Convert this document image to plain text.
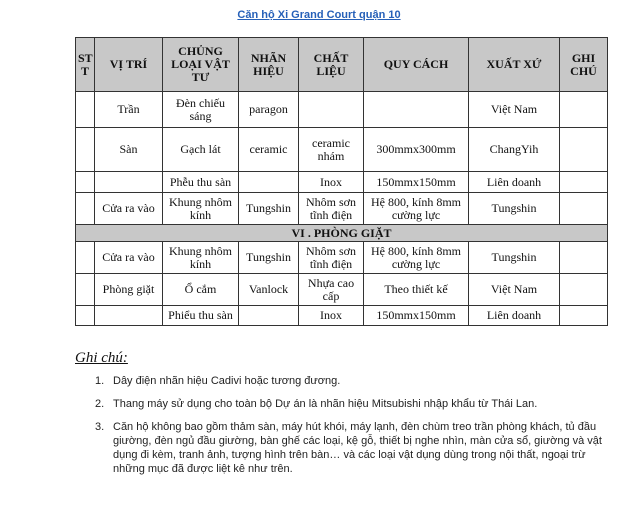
Căn hộ Xi Grand Court quận 10
ST T	VỊ TRÍ	CHỦNG LOẠI VẬT TƯ	NHÃN HIỆU	CHẤT LIỆU	QUY CÁCH	XUẤT XỨ	GHI CHÚ
	Trần	Đèn chiếu sáng	paragon			Việt Nam	
	Sàn	Gạch lát	ceramic	ceramic nhám	300mmx300mm	ChangYih	
		Phễu thu sàn		Inox	150mmx150mm	Liên doanh	
	Cửa ra vào	Khung nhôm kính	Tungshin	Nhôm sơn tĩnh điện	Hệ 800, kính 8mm cường lực	Tungshin	
VI . PHÒNG GIẶT							
	Cửa ra vào	Khung nhôm kính	Tungshin	Nhôm sơn tĩnh điện	Hệ 800, kính 8mm cường lực	Tungshin	
	Phòng giặt	Ổ cắm	Vanlock	Nhựa cao cấp	Theo thiết kế	Việt Nam	
		Phiểu thu sàn		Inox	150mmx150mm	Liên doanh	
Ghi chú:
1. Dây điện nhãn hiệu Cadivi hoặc tương đương.
2. Thang máy sử dụng cho toàn bộ Dự án là nhãn hiệu Mitsubishi nhập khẩu từ Thái Lan.
3. Căn hộ không bao gồm thảm sàn, máy hút khói, máy lạnh, đèn chùm treo trần phòng khách, tủ đầu giường, đèn ngủ đầu giường, bàn ghế các loại, kệ gỗ, thiết bị nghe nhìn, màn cửa sổ, giường và vật dụng đi kèm, tranh ảnh, tượng hình trên bàn… và các loại vật dụng dùng trong nội thất, ngoại trừ những mục đã được liệt kê như trên.
